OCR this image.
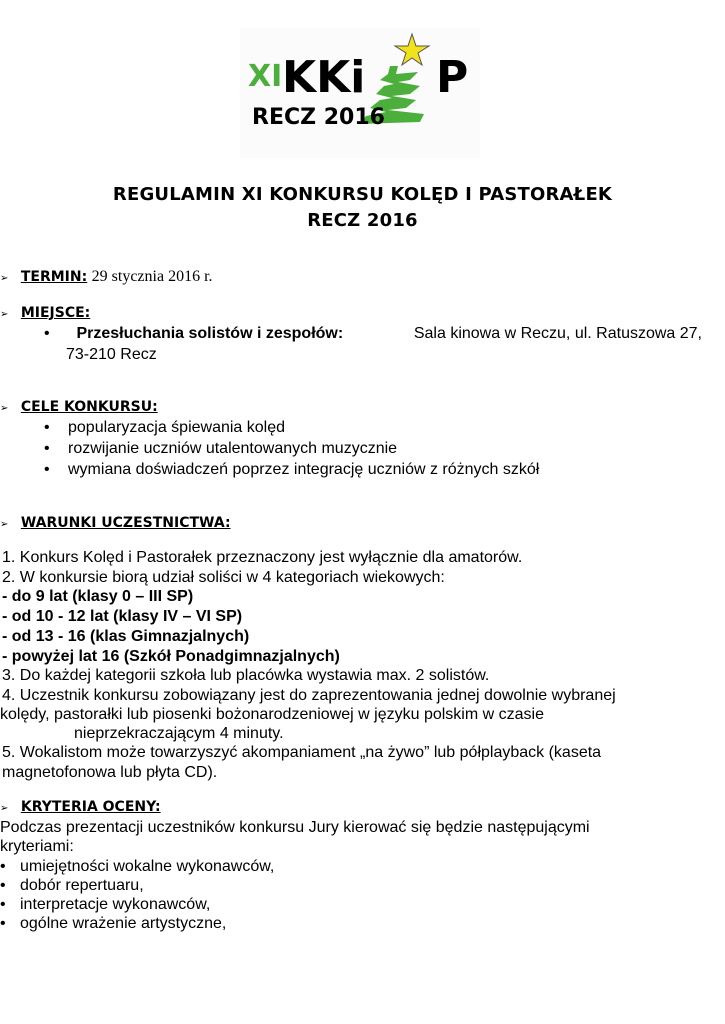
XI KKi P
RECZ 2016
REGULAMIN XI KONKURSU KOLĘD I PASTORAŁEK
RECZ 2016
➢ TERMIN: 29 stycznia 2016 r.
➢ MIEJSCE:
• Przesłuchania solistów i zespołów:	Sala kinowa w Reczu, ul. Ratuszowa 27,
73-210 Recz
➢ CELE KONKURSU:
• popularyzacja śpiewania kolęd
• rozwijanie uczniów utalentowanych muzycznie
• wymiana doświadczeń poprzez integrację uczniów z różnych szkół
➢ WARUNKI UCZESTNICTWA:
1. Konkurs Kolęd i Pastorałek przeznaczony jest wyłącznie dla amatorów.
2. W konkursie biorą udział soliści w 4 kategoriach wiekowych:
- do 9 lat (klasy 0 – III SP)
- od 10 - 12 lat (klasy IV – VI SP)
- od 13 - 16 (klas Gimnazjalnych)
- powyżej lat 16 (Szkół Ponadgimnazjalnych)
3. Do każdej kategorii szkoła lub placówka wystawia max. 2 solistów.
4. Uczestnik konkursu zobowiązany jest do zaprezentowania jednej dowolnie wybranej
kolędy, pastorałki lub piosenki bożonarodzeniowej w języku polskim w czasie
nieprzekraczającym 4 minuty.
5. Wokalistom może towarzyszyć akompaniament „na żywo” lub półplayback (kaseta
magnetofonowa lub płyta CD).
➢ KRYTERIA OCENY:
Podczas prezentacji uczestników konkursu Jury kierować się będzie następującymi
kryteriami:
• umiejętności wokalne wykonawców,
• dobór repertuaru,
• interpretacje wykonawców,
• ogólne wrażenie artystyczne,
